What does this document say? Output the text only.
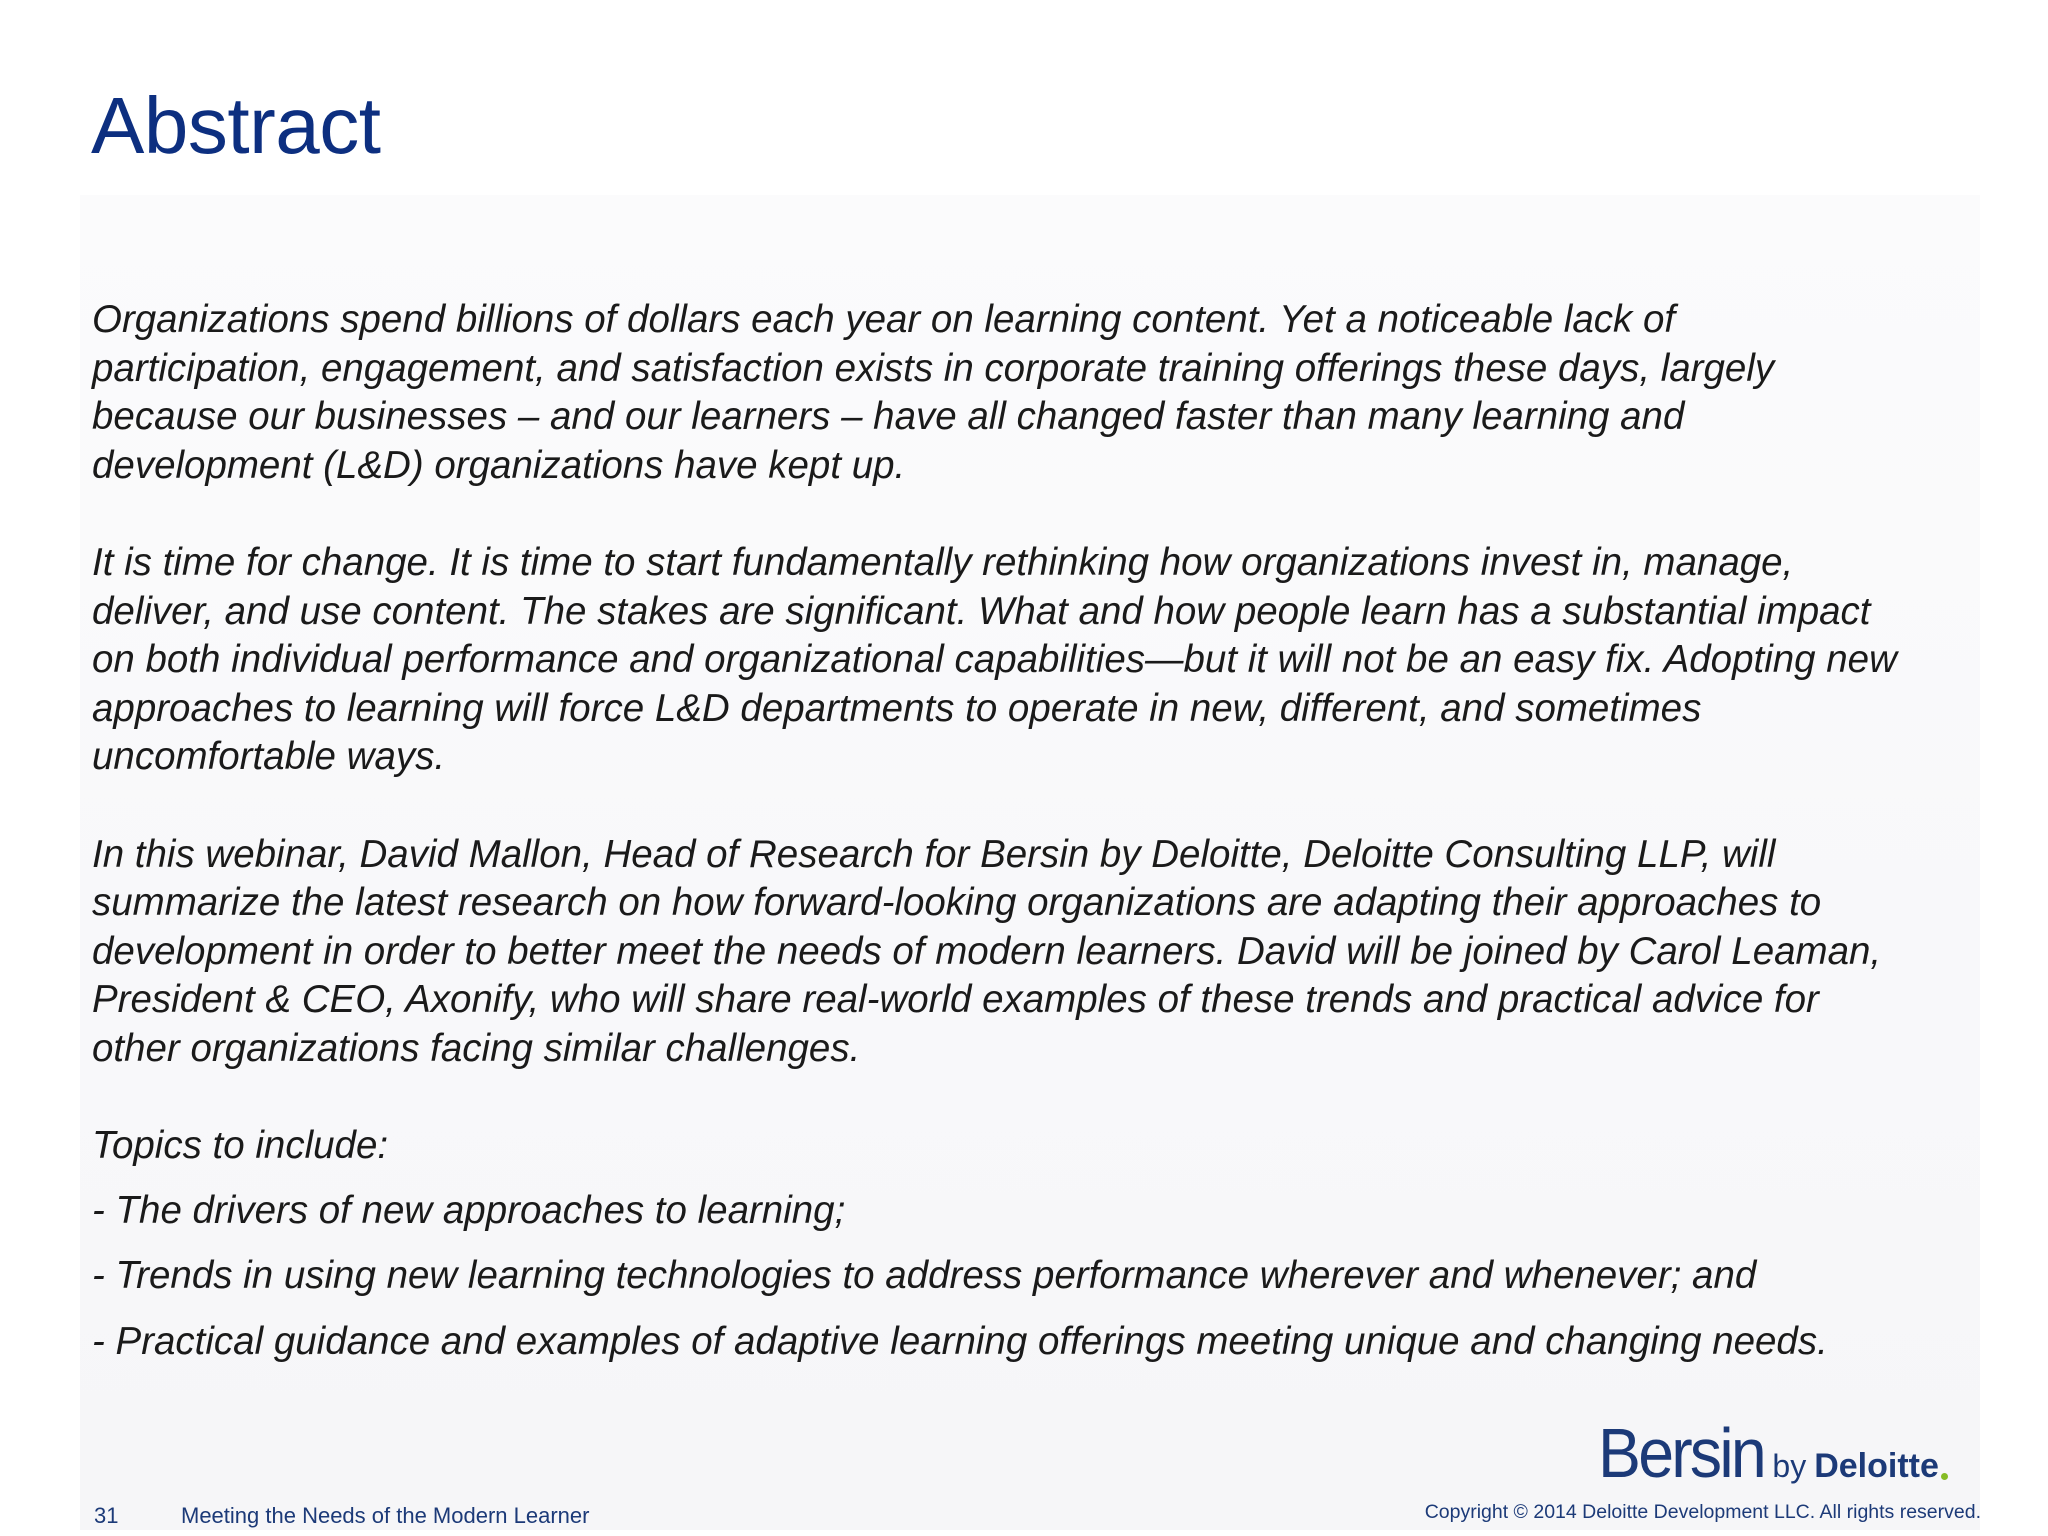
Abstract

Organizations spend billions of dollars each year on learning content. Yet a noticeable lack of
participation, engagement, and satisfaction exists in corporate training offerings these days, largely
because our businesses – and our learners – have all changed faster than many learning and
development (L&D) organizations have kept up.

It is time for change. It is time to start fundamentally rethinking how organizations invest in, manage,
deliver, and use content. The stakes are significant. What and how people learn has a substantial impact
on both individual performance and organizational capabilities—but it will not be an easy fix. Adopting new
approaches to learning will force L&D departments to operate in new, different, and sometimes
uncomfortable ways.

In this webinar, David Mallon, Head of Research for Bersin by Deloitte, Deloitte Consulting LLP, will
summarize the latest research on how forward-looking organizations are adapting their approaches to
development in order to better meet the needs of modern learners. David will be joined by Carol Leaman,
President & CEO, Axonify, who will share real-world examples of these trends and practical advice for
other organizations facing similar challenges.

Topics to include:

- The drivers of new approaches to learning;

- Trends in using new learning technologies to address performance wherever and whenever; and

- Practical guidance and examples of adaptive learning offerings meeting unique and changing needs.

Bersin by Deloitte
31	Meeting the Needs of the Modern Learner	Copyright © 2014 Deloitte Development LLC. All rights reserved.
